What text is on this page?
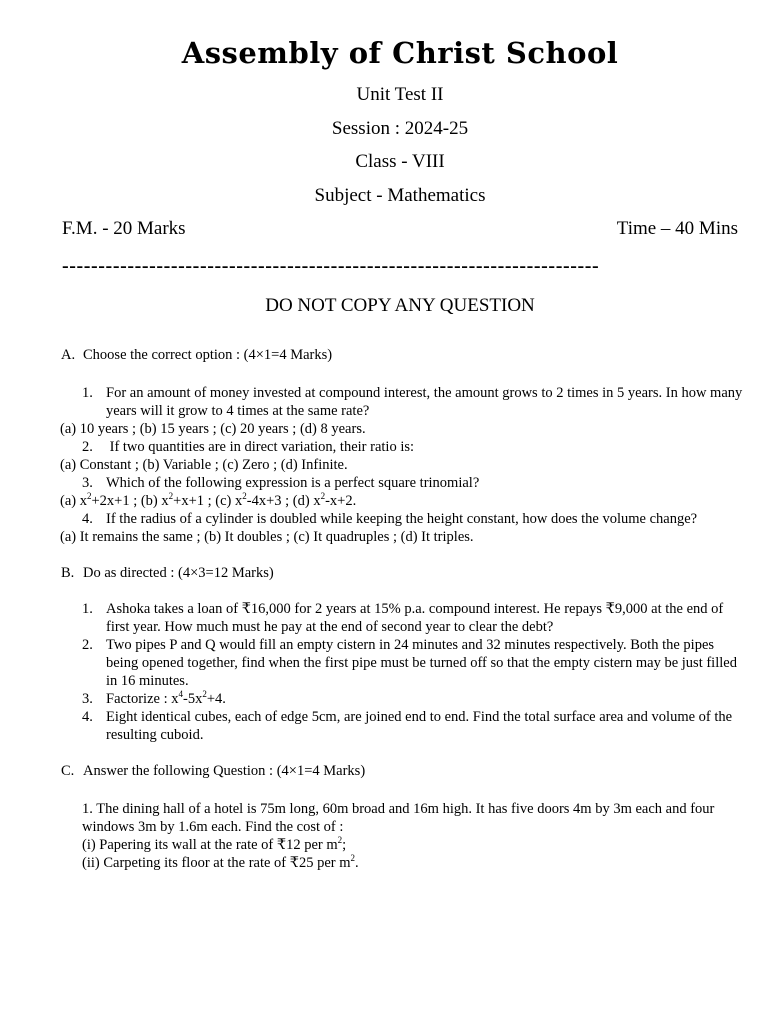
Assembly of Christ School
Unit Test II
Session : 2024-25
Class - VIII
Subject - Mathematics
F.M. - 20 Marks	Time – 40 Mins
--------------------------------------------------------------------------
DO NOT COPY ANY QUESTION
A. Choose the correct option : (4×1=4 Marks)
1. For an amount of money invested at compound interest, the amount grows to 2 times in 5 years. In how many years will it grow to 4 times at the same rate?
(a) 10 years ; (b) 15 years ; (c) 20 years ; (d) 8 years.
2. If two quantities are in direct variation, their ratio is:
(a) Constant ; (b) Variable ; (c) Zero ; (d) Infinite.
3. Which of the following expression is a perfect square trinomial?
(a) $x^2+2x+1$ ; (b) $x^2+x+1$ ; (c) $x^2-4x+3$ ; (d) $x^2-x+2$.
4. If the radius of a cylinder is doubled while keeping the height constant, how does the volume change?
(a) It remains the same ; (b) It doubles ; (c) It quadruples ; (d) It triples.
B. Do as directed : (4×3=12 Marks)
1. Ashoka takes a loan of ₹16,000 for 2 years at 15% p.a. compound interest. He repays ₹9,000 at the end of first year. How much must he pay at the end of second year to clear the debt?
2. Two pipes P and Q would fill an empty cistern in 24 minutes and 32 minutes respectively. Both the pipes being opened together, find when the first pipe must be turned off so that the empty cistern may be just filled in 16 minutes.
3. Factorize : $x^4-5x^2+4$.
4. Eight identical cubes, each of edge 5cm, are joined end to end. Find the total surface area and volume of the resulting cuboid.
C. Answer the following Question : (4×1=4 Marks)
1. The dining hall of a hotel is 75m long, 60m broad and 16m high. It has five doors 4m by 3m each and four windows 3m by 1.6m each. Find the cost of :
(i) Papering its wall at the rate of ₹12 per $m^2$;
(ii) Carpeting its floor at the rate of ₹25 per $m^2$.
